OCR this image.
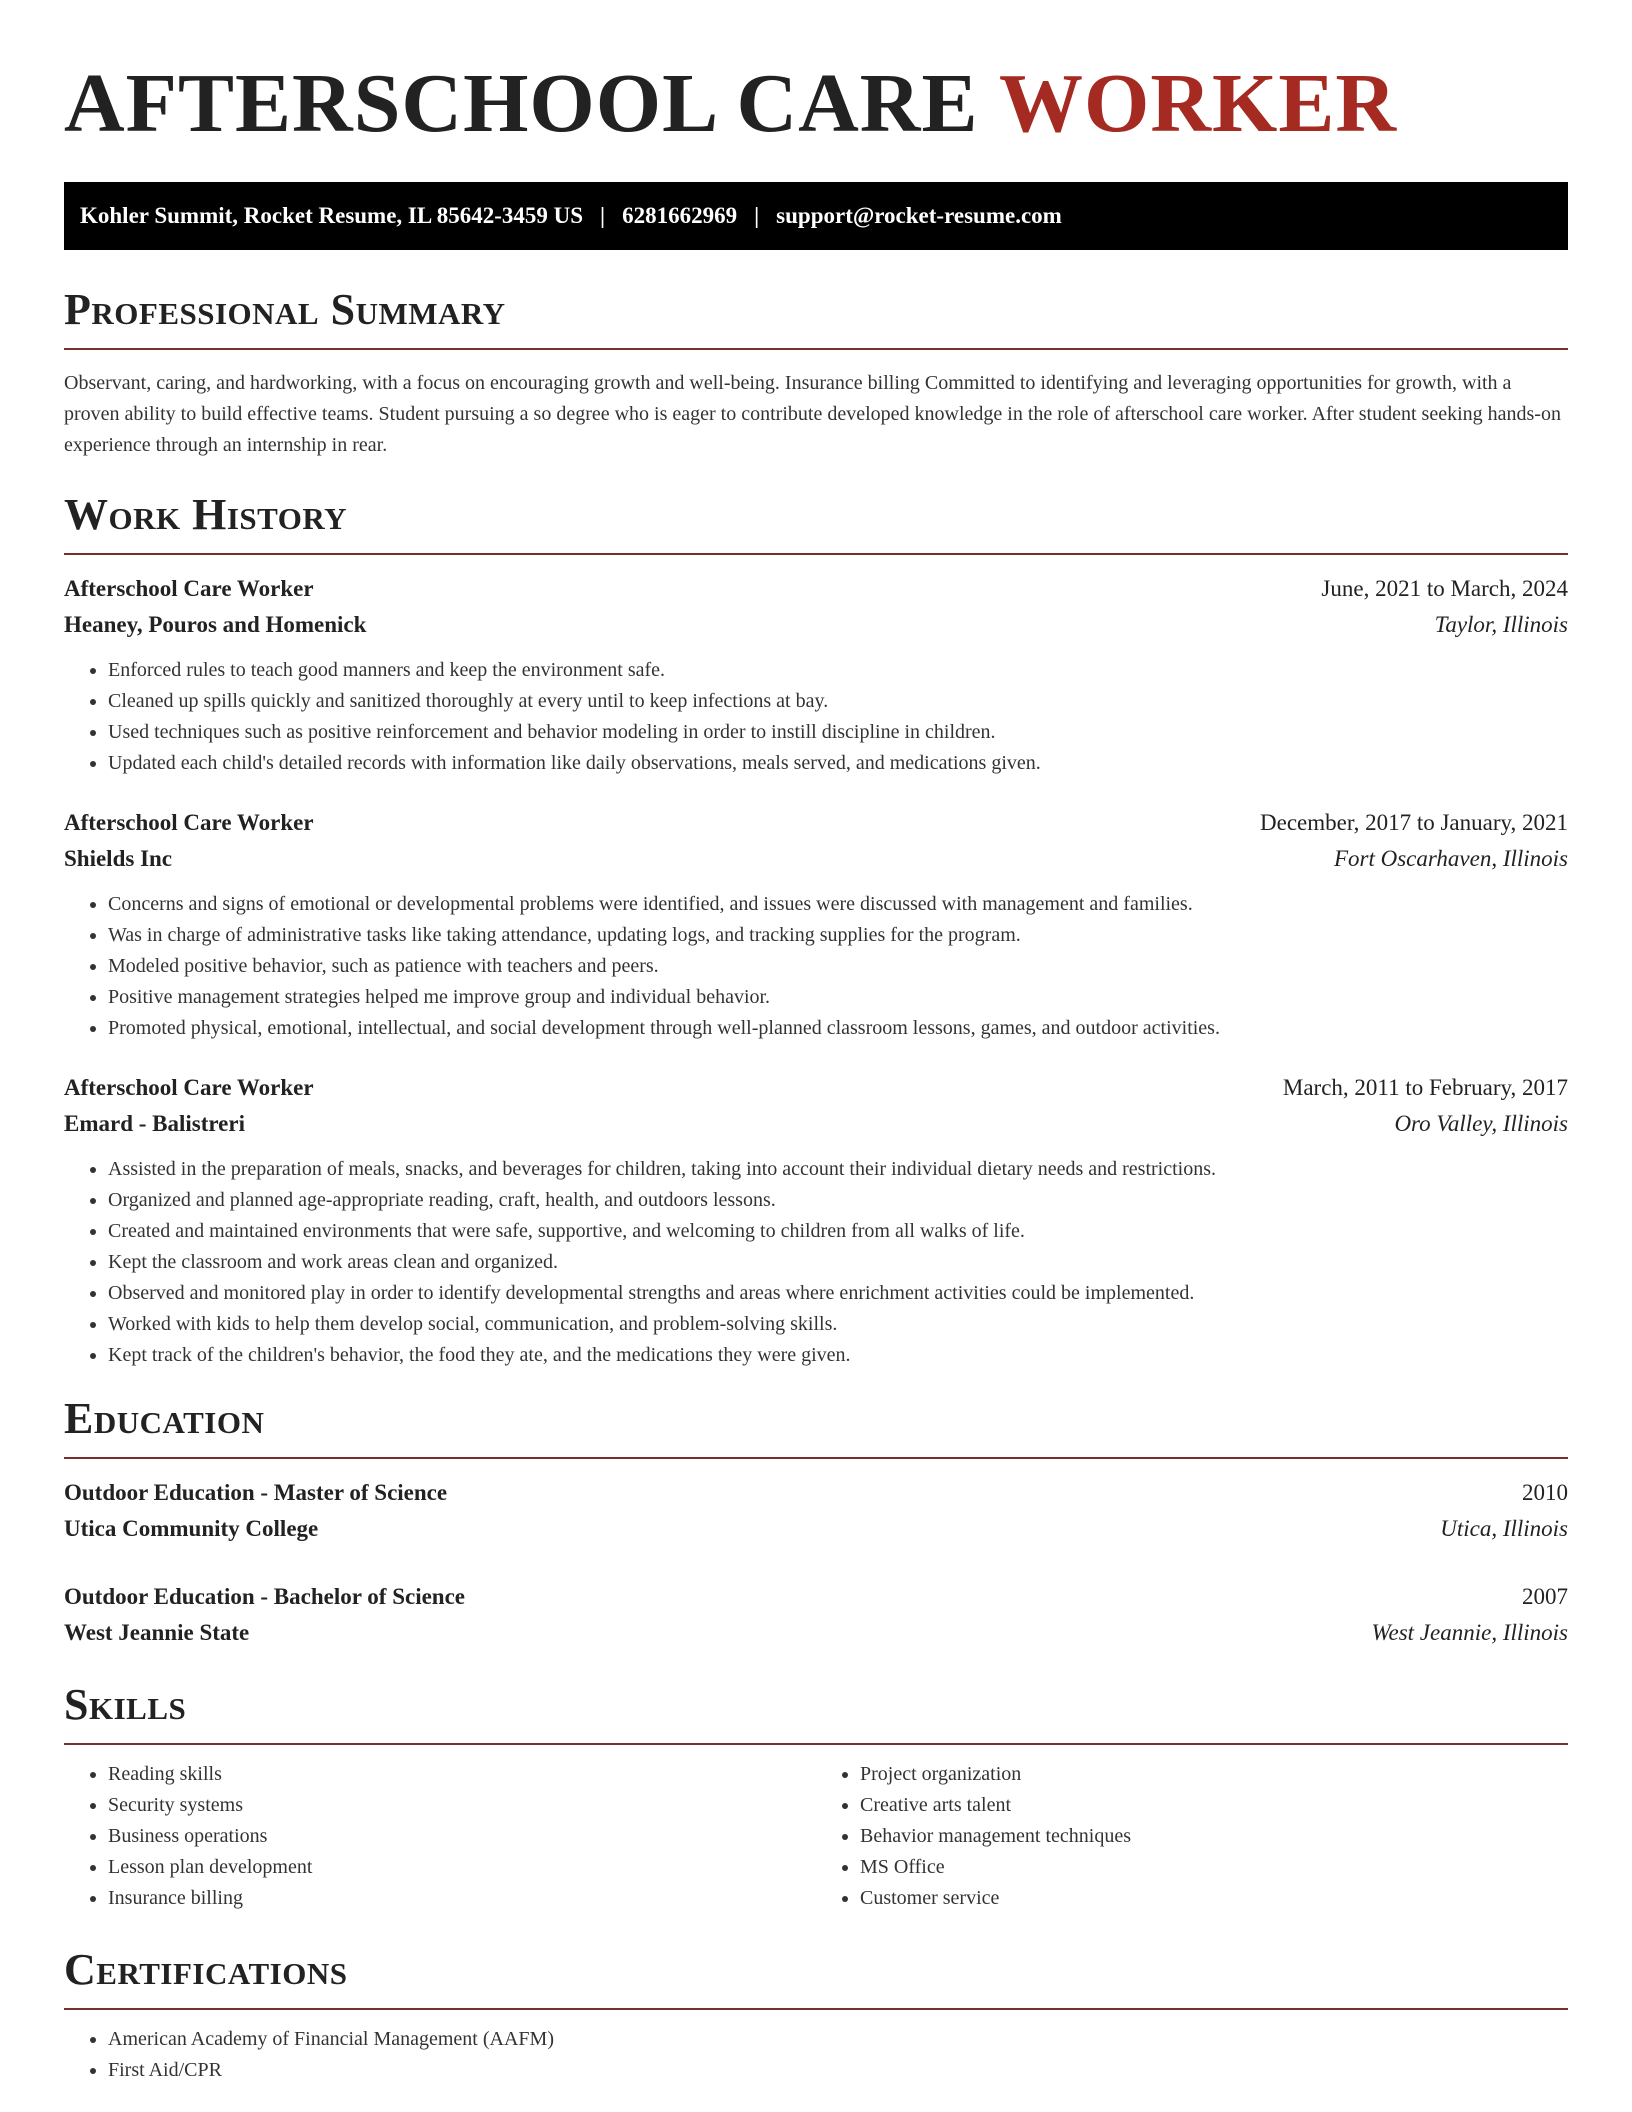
AFTERSCHOOL CARE WORKER
Kohler Summit, Rocket Resume, IL 85642-3459 US | 6281662969 | support@rocket-resume.com
Professional Summary

Observant, caring, and hardworking, with a focus on encouraging growth and well-being. Insurance billing Committed to identifying and leveraging opportunities for growth, with a proven ability to build effective teams. Student pursuing a so degree who is eager to contribute developed knowledge in the role of afterschool care worker. After student seeking hands-on experience through an internship in rear.

Work History
Afterschool Care Worker	June, 2021 to March, 2024
Heaney, Pouros and Homenick	Taylor, Illinois
• Enforced rules to teach good manners and keep the environment safe.
• Cleaned up spills quickly and sanitized thoroughly at every until to keep infections at bay.
• Used techniques such as positive reinforcement and behavior modeling in order to instill discipline in children.
• Updated each child's detailed records with information like daily observations, meals served, and medications given.
Afterschool Care Worker	December, 2017 to January, 2021
Shields Inc	Fort Oscarhaven, Illinois
• Concerns and signs of emotional or developmental problems were identified, and issues were discussed with management and families.
• Was in charge of administrative tasks like taking attendance, updating logs, and tracking supplies for the program.
• Modeled positive behavior, such as patience with teachers and peers.
• Positive management strategies helped me improve group and individual behavior.
• Promoted physical, emotional, intellectual, and social development through well-planned classroom lessons, games, and outdoor activities.
Afterschool Care Worker	March, 2011 to February, 2017
Emard - Balistreri	Oro Valley, Illinois
• Assisted in the preparation of meals, snacks, and beverages for children, taking into account their individual dietary needs and restrictions.
• Organized and planned age-appropriate reading, craft, health, and outdoors lessons.
• Created and maintained environments that were safe, supportive, and welcoming to children from all walks of life.
• Kept the classroom and work areas clean and organized.
• Observed and monitored play in order to identify developmental strengths and areas where enrichment activities could be implemented.
• Worked with kids to help them develop social, communication, and problem-solving skills.
• Kept track of the children's behavior, the food they ate, and the medications they were given.
Education
Outdoor Education - Master of Science	2010
Utica Community College	Utica, Illinois
Outdoor Education - Bachelor of Science	2007
West Jeannie State	West Jeannie, Illinois
Skills
• Reading skills
• Security systems
• Business operations
• Lesson plan development
• Insurance billing
• Project organization
• Creative arts talent
• Behavior management techniques
• MS Office
• Customer service
Certifications
• American Academy of Financial Management (AAFM)
• First Aid/CPR
